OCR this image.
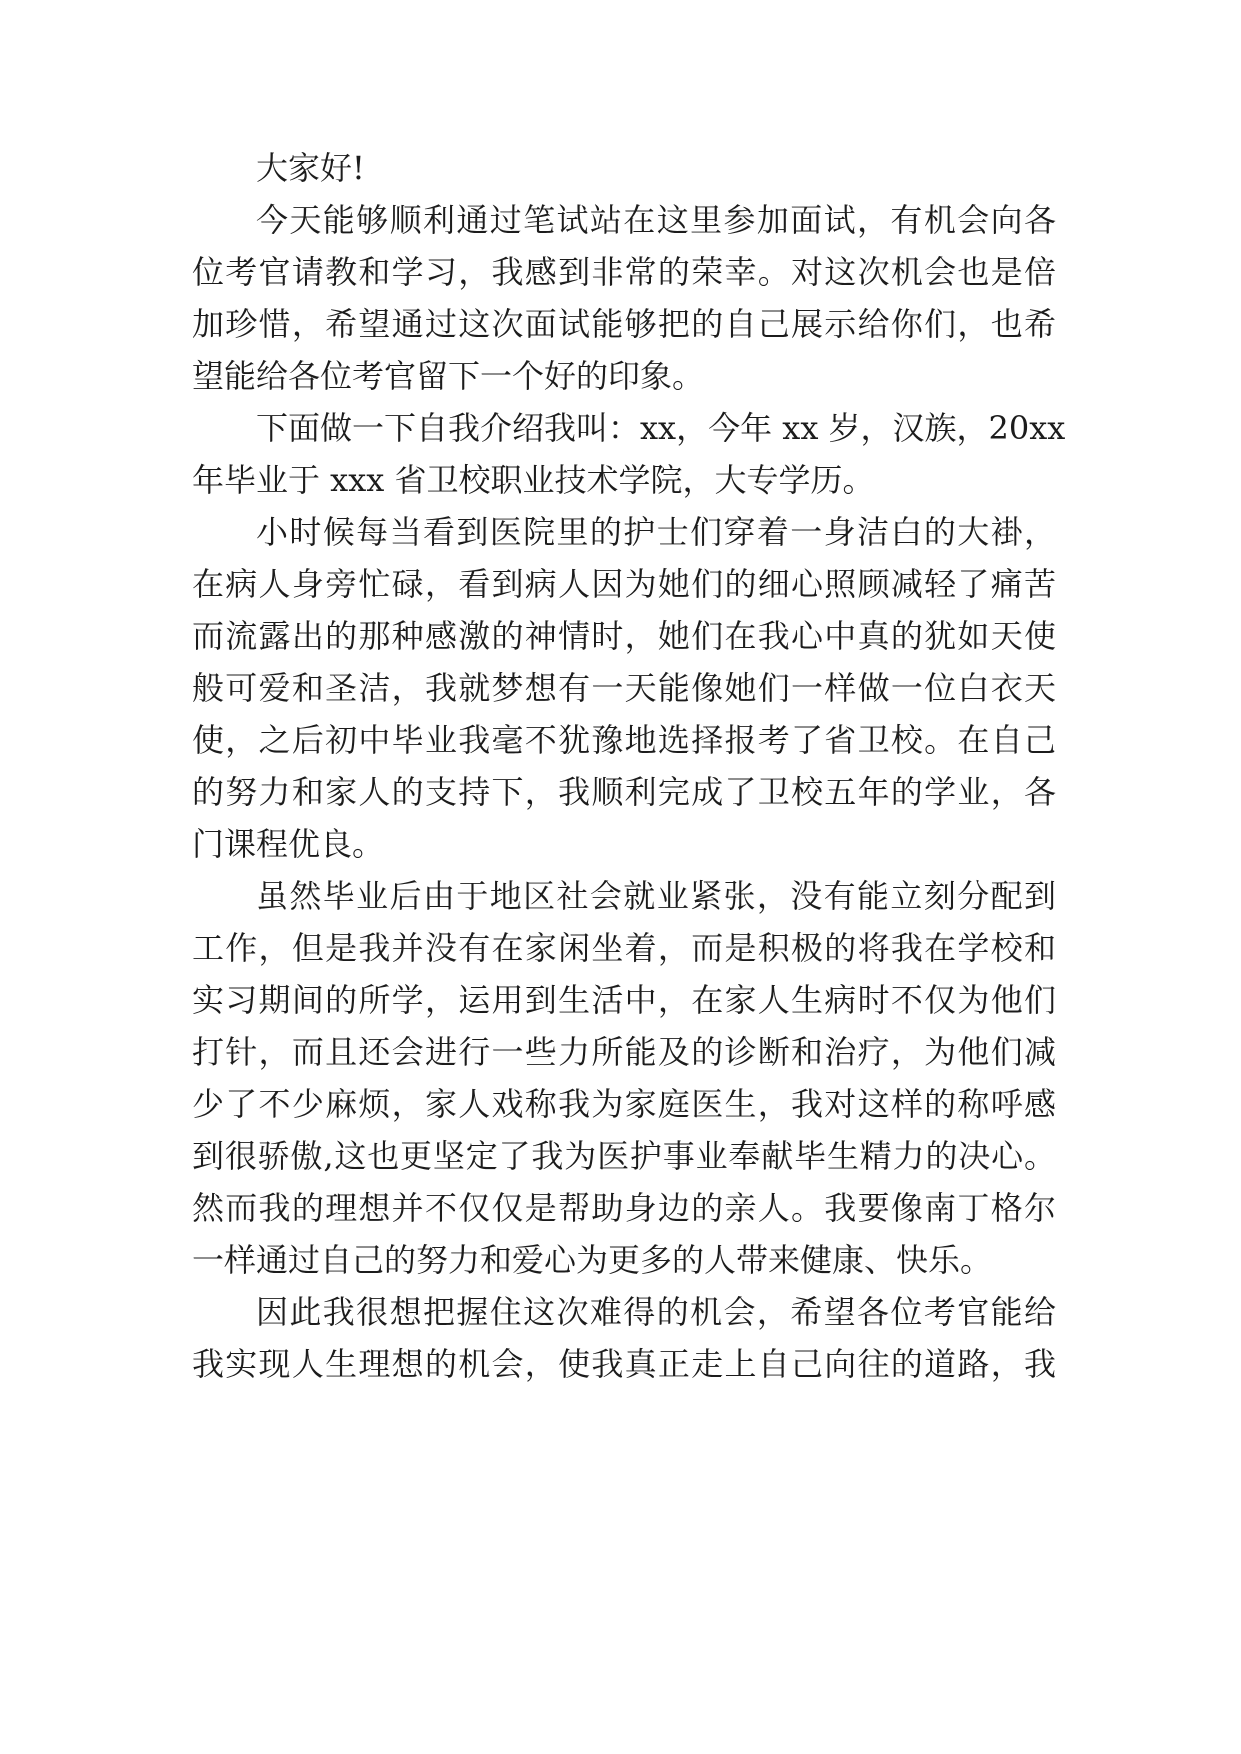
大家好!
今天能够顺利通过笔试站在这里参加面试，有机会向各
位考官请教和学习，我感到非常的荣幸。对这次机会也是倍
加珍惜，希望通过这次面试能够把的自己展示给你们，也希
望能给各位考官留下一个好的印象。
下面做一下自我介绍我叫：xx，今年 xx 岁，汉族，20xx
年毕业于 xxx 省卫校职业技术学院，大专学历。
小时候每当看到医院里的护士们穿着一身洁白的大褂，
在病人身旁忙碌，看到病人因为她们的细心照顾减轻了痛苦
而流露出的那种感激的神情时，她们在我心中真的犹如天使
般可爱和圣洁，我就梦想有一天能像她们一样做一位白衣天
使，之后初中毕业我毫不犹豫地选择报考了省卫校。在自己
的努力和家人的支持下，我顺利完成了卫校五年的学业，各
门课程优良。
虽然毕业后由于地区社会就业紧张，没有能立刻分配到
工作，但是我并没有在家闲坐着，而是积极的将我在学校和
实习期间的所学，运用到生活中，在家人生病时不仅为他们
打针，而且还会进行一些力所能及的诊断和治疗，为他们减
少了不少麻烦，家人戏称我为家庭医生，我对这样的称呼感
到很骄傲,这也更坚定了我为医护事业奉献毕生精力的决心。
然而我的理想并不仅仅是帮助身边的亲人。我要像南丁格尔
一样通过自己的努力和爱心为更多的人带来健康、快乐。
因此我很想把握住这次难得的机会，希望各位考官能给
我实现人生理想的机会，使我真正走上自己向往的道路，我
